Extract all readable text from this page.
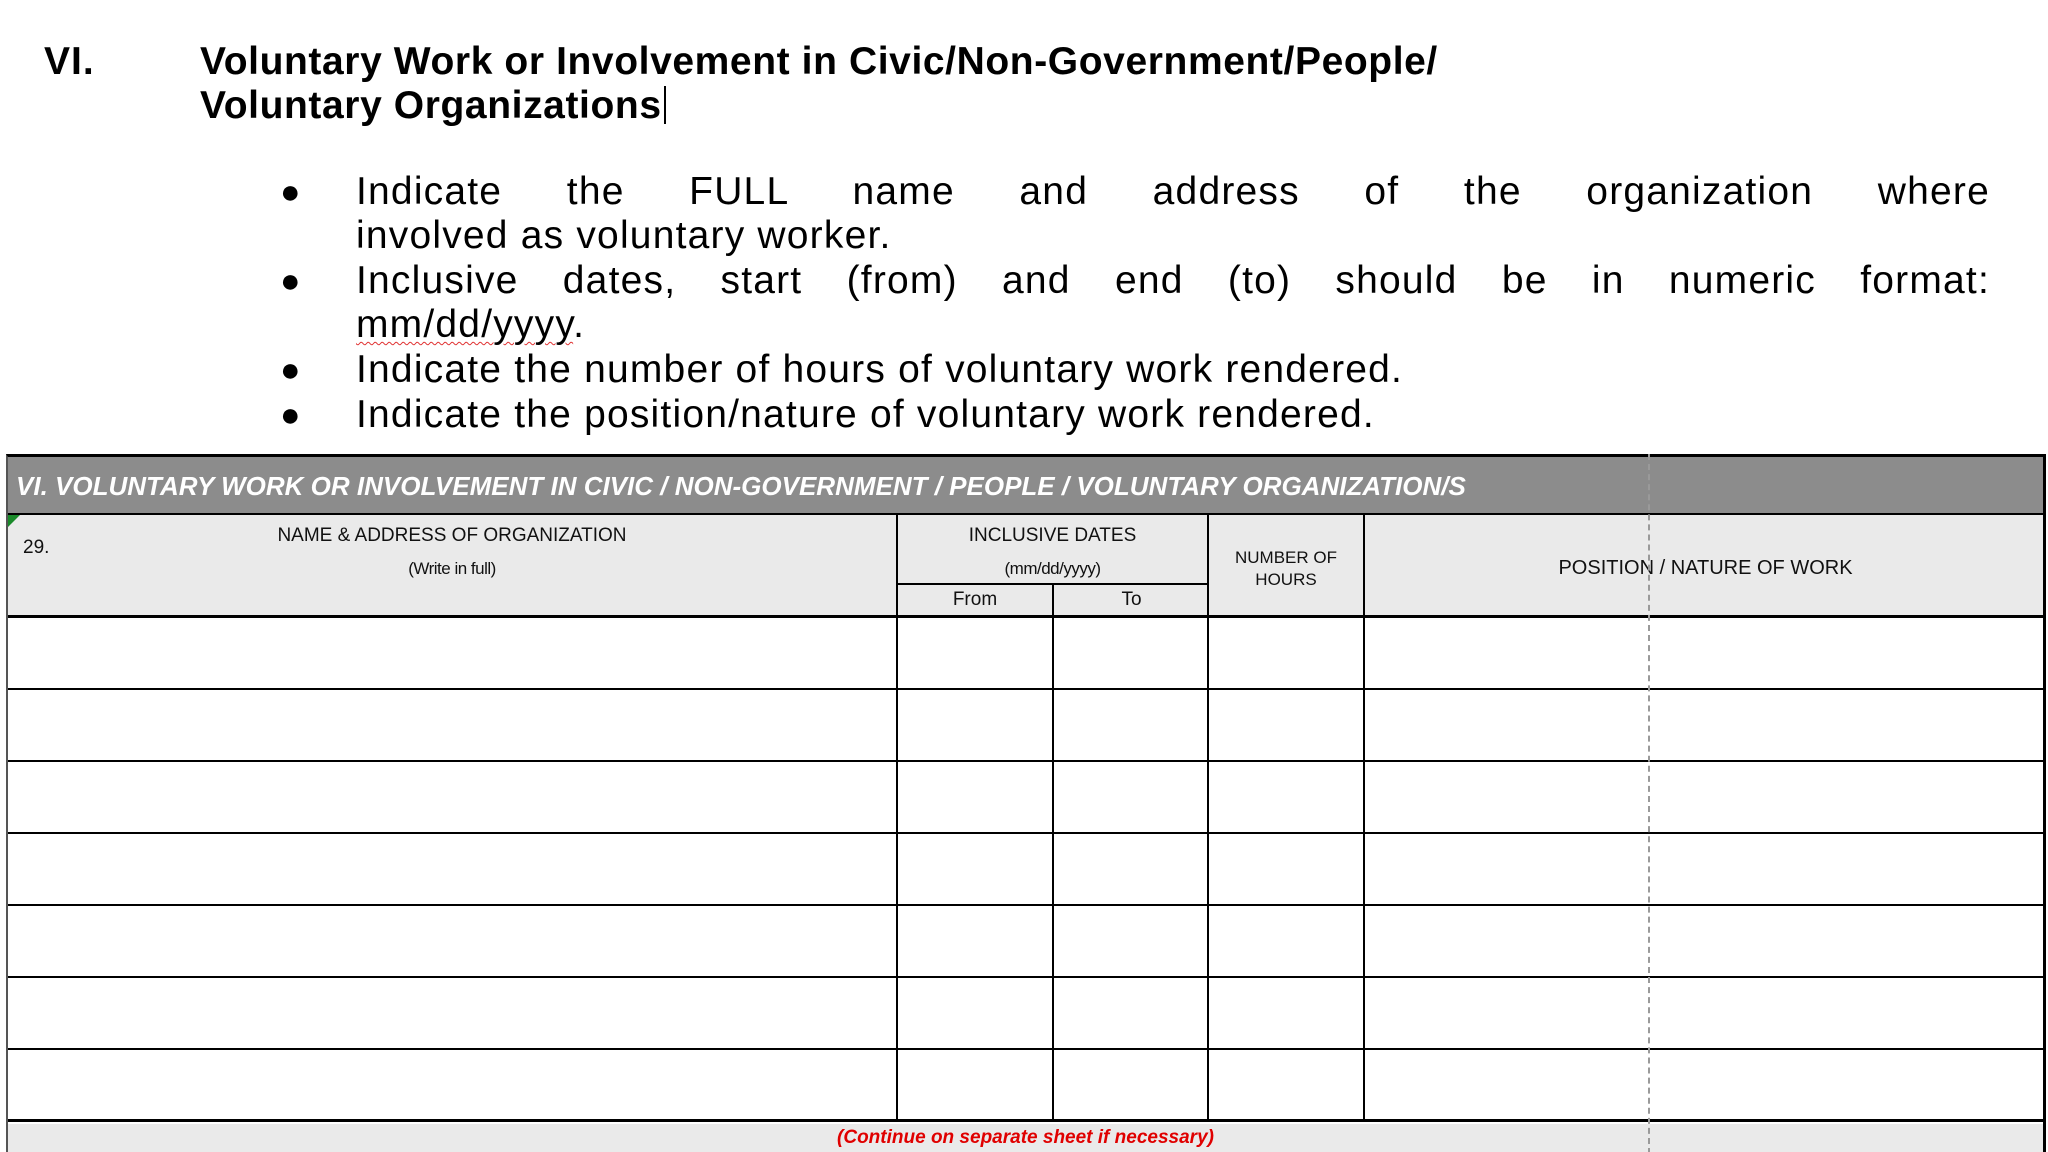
VI.	Voluntary Work or Involvement in Civic/Non-Government/People/
Voluntary Organizations
● Indicate the FULL name and address of the organization where
involved as voluntary worker.
● Inclusive dates, start (from) and end (to) should be in numeric format:
mm/dd/yyyy.
● Indicate the number of hours of voluntary work rendered.
● Indicate the position/nature of voluntary work rendered.
VI. VOLUNTARY WORK OR INVOLVEMENT IN CIVIC / NON-GOVERNMENT / PEOPLE / VOLUNTARY ORGANIZATION/S
29.
NAME & ADDRESS OF ORGANIZATION
(Write in full)
INCLUSIVE DATES
(mm/dd/yyyy)
From	To
NUMBER OF
HOURS
POSITION / NATURE OF WORK
(Continue on separate sheet if necessary)
